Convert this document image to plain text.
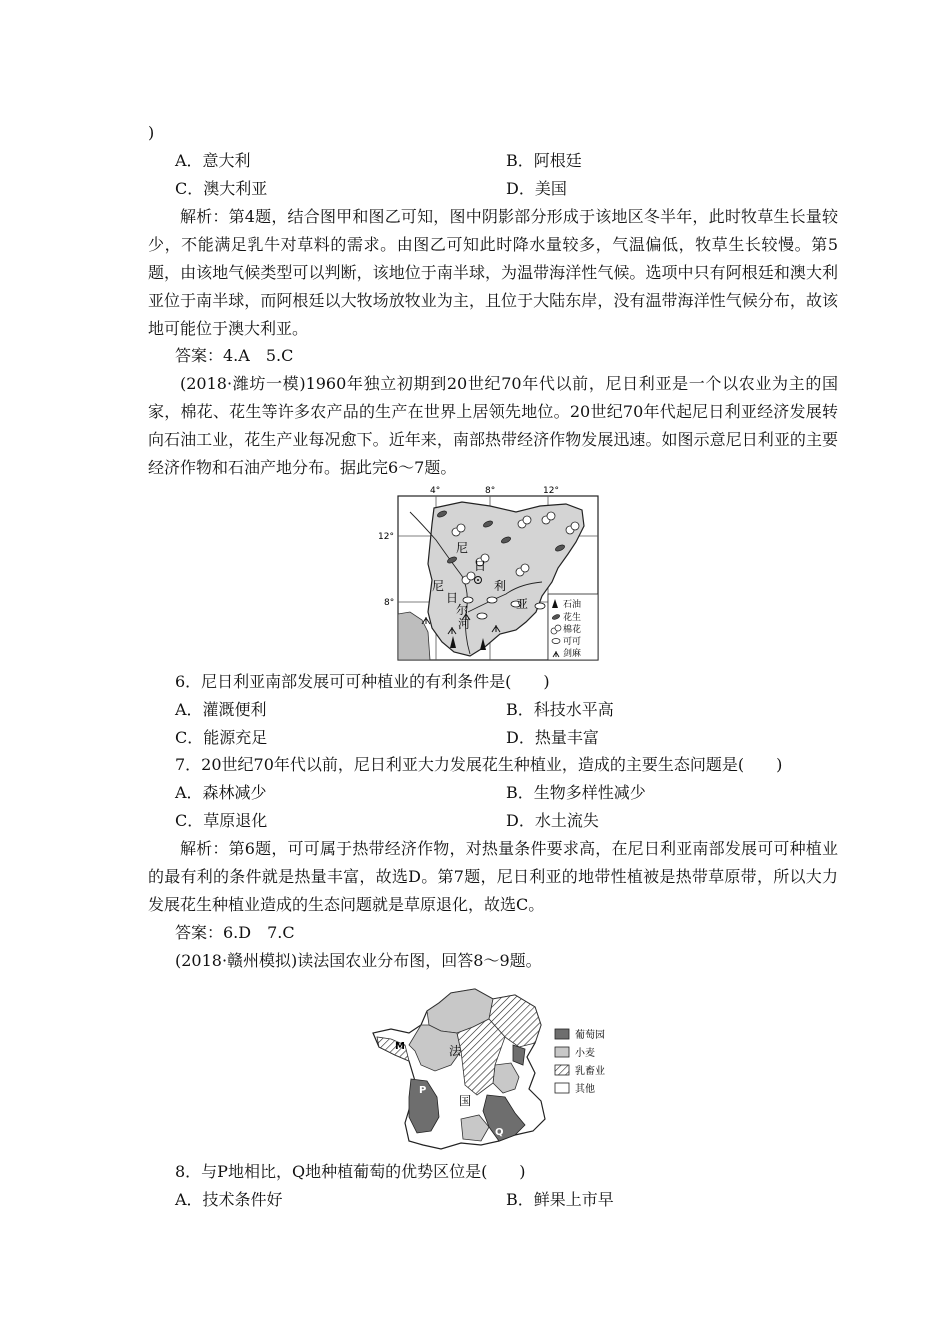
)
A．意大利	B．阿根廷
C．澳大利亚	D．美国

解析：第4题，结合图甲和图乙可知，图中阴影部分形成于该地区冬半年，此时牧草生长量较少，不能满足乳牛对草料的需求。由图乙可知此时降水量较多，气温偏低，牧草生长较慢。第5题，由该地气候类型可以判断，该地位于南半球，为温带海洋性气候。选项中只有阿根廷和澳大利亚位于南半球，而阿根廷以大牧场放牧业为主，且位于大陆东岸，没有温带海洋性气候分布，故该地可能位于澳大利亚。

答案：4.A　5.C

(2018·潍坊一模)1960年独立初期到20世纪70年代以前，尼日利亚是一个以农业为主的国家，棉花、花生等许多农产品的生产在世界上居领先地位。20世纪70年代起尼日利亚经济发展转向石油工业，花生产业每况愈下。近年来，南部热带经济作物发展迅速。如图示意尼日利亚的主要经济作物和石油产地分布。据此完6～7题。

4°	8°	12°
12°
8°
尼
日
利
亚
尼
日
尔
河
石油
花生
棉花
可可
剑麻
6．尼日利亚南部发展可可种植业的有利条件是(　　)
A．灌溉便利	B．科技水平高
C．能源充足	D．热量丰富
7．20世纪70年代以前，尼日利亚大力发展花生种植业，造成的主要生态问题是(　　)
A．森林减少	B．生物多样性减少
C．草原退化	D．水土流失

解析：第6题，可可属于热带经济作物，对热量条件要求高，在尼日利亚南部发展可可种植业的最有利的条件就是热量丰富，故选D。第7题，尼日利亚的地带性植被是热带草原带，所以大力发展花生种植业造成的生态问题就是草原退化，故选C。

答案：6.D　7.C
(2018·赣州模拟)读法国农业分布图，回答8～9题。
M	法
P
国
Q
葡萄园
小麦
乳畜业
其他
8．与P地相比，Q地种植葡萄的优势区位是(　　)
A．技术条件好	B．鲜果上市早
